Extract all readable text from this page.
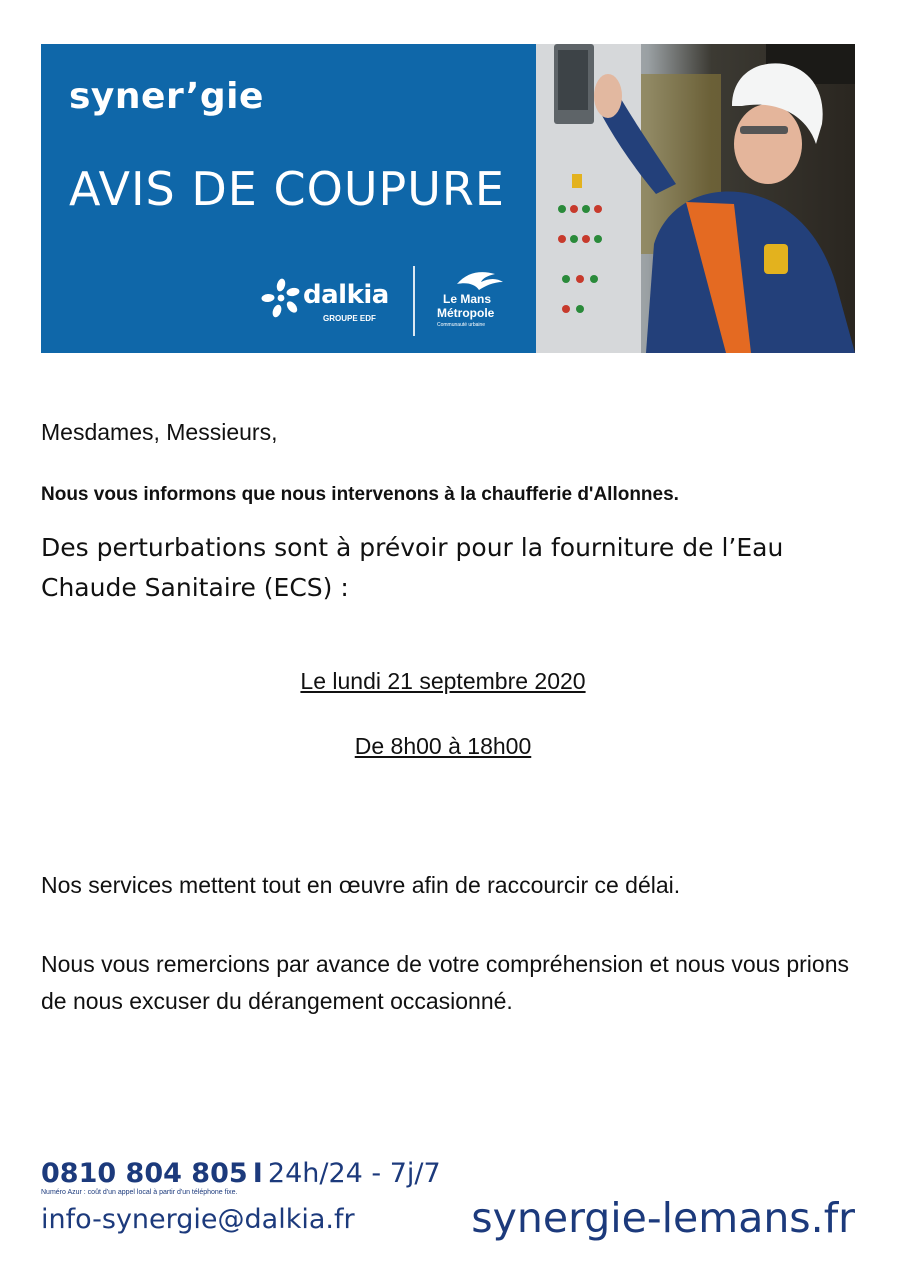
syner’gie
AVIS DE COUPURE
dalkia
GROUPE EDF
Le Mans
Métropole
Communauté urbaine
Mesdames, Messieurs,
Nous vous informons que nous intervenons à la chaufferie d'Allonnes.
Des perturbations sont à prévoir pour la fourniture de l’Eau Chaude Sanitaire (ECS) :
Le lundi 21 septembre 2020
De 8h00 à 18h00
Nos services mettent tout en œuvre afin de raccourcir ce délai.
Nous vous remercions par avance de votre compréhension et nous vous prions de nous excuser du dérangement occasionné.
0810 804 805 I 24h/24 - 7j/7
Numéro Azur : coût d'un appel local à partir d'un téléphone fixe.
info-synergie@dalkia.fr	synergie-lemans.fr
